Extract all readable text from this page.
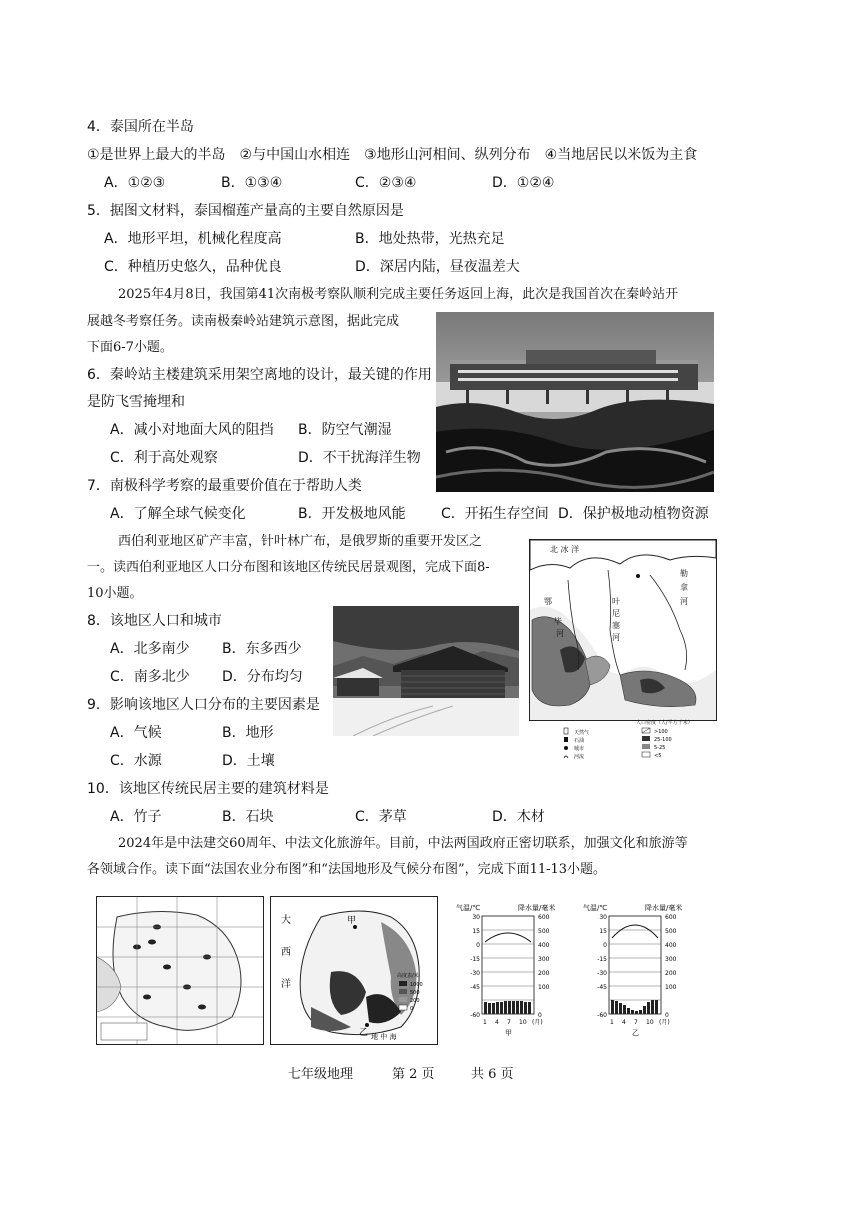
4．泰国所在半岛
①是世界上最大的半岛　②与中国山水相连　③地形山河相间、纵列分布　④当地居民以米饭为主食
A．①②③	B．①③④	C．②③④	D．①②④
5．据图文材料，泰国榴莲产量高的主要自然原因是
A．地形平坦，机械化程度高	B．地处热带，光热充足
C．种植历史悠久，品种优良	D．深居内陆，昼夜温差大
2025年4月8日，我国第41次南极考察队顺利完成主要任务返回上海，此次是我国首次在秦岭站开
展越冬考察任务。读南极秦岭站建筑示意图，据此完成
下面6-7小题。
6．秦岭站主楼建筑采用架空离地的设计，最关键的作用
是防飞雪掩埋和
A．减小对地面大风的阻挡 B．防空气潮湿
C．利于高处观察	D．不干扰海洋生物
7．南极科学考察的最重要价值在于帮助人类
A．了解全球气候变化	B．开发极地风能	C．开拓生存空间 D．保护极地动植物资源
西伯利亚地区矿产丰富，针叶林广布，是俄罗斯的重要开发区之
一。读西伯利亚地区人口分布图和该地区传统民居景观图，完成下面8-
10小题。
8．该地区人口和城市
A．北多南少 B．东多西少
C．南多北少 D．分布均匀
9．影响该地区人口分布的主要因素是
A．气候	B．地形
C．水源	D．土壤
10．该地区传统民居主要的建筑材料是
A．竹子	B．石块	C．茅草	D．木材
北 冰 洋
鄂
毕
河
叶
尼
塞
河
勒
拿
河
人口密度（人/平方千米）
天然气
石油
城市
河流
>100
25-100
5-25
<5
2024年是中法建交60周年、中法文化旅游年。目前，中法两国政府正密切联系，加强文化和旅游等
各领域合作。读下面“法国农业分布图”和“法国地形及气候分布图”，完成下面11-13小题。
大
西
洋
甲
乙 地 中 海
高度表/米
1000
500
200
0
气温/℃	降水量/毫米
30
15
0
-15
-30
-45
-60
600
500
400
300
200
100
0
1 4 7 10 (月)
甲
气温/℃	降水量/毫米
30
15
0
-15
-30
-45
-60
600
500
400
300
200
100
0
1 4 7 10 (月)
乙
七年级地理	第 2 页	共 6 页
